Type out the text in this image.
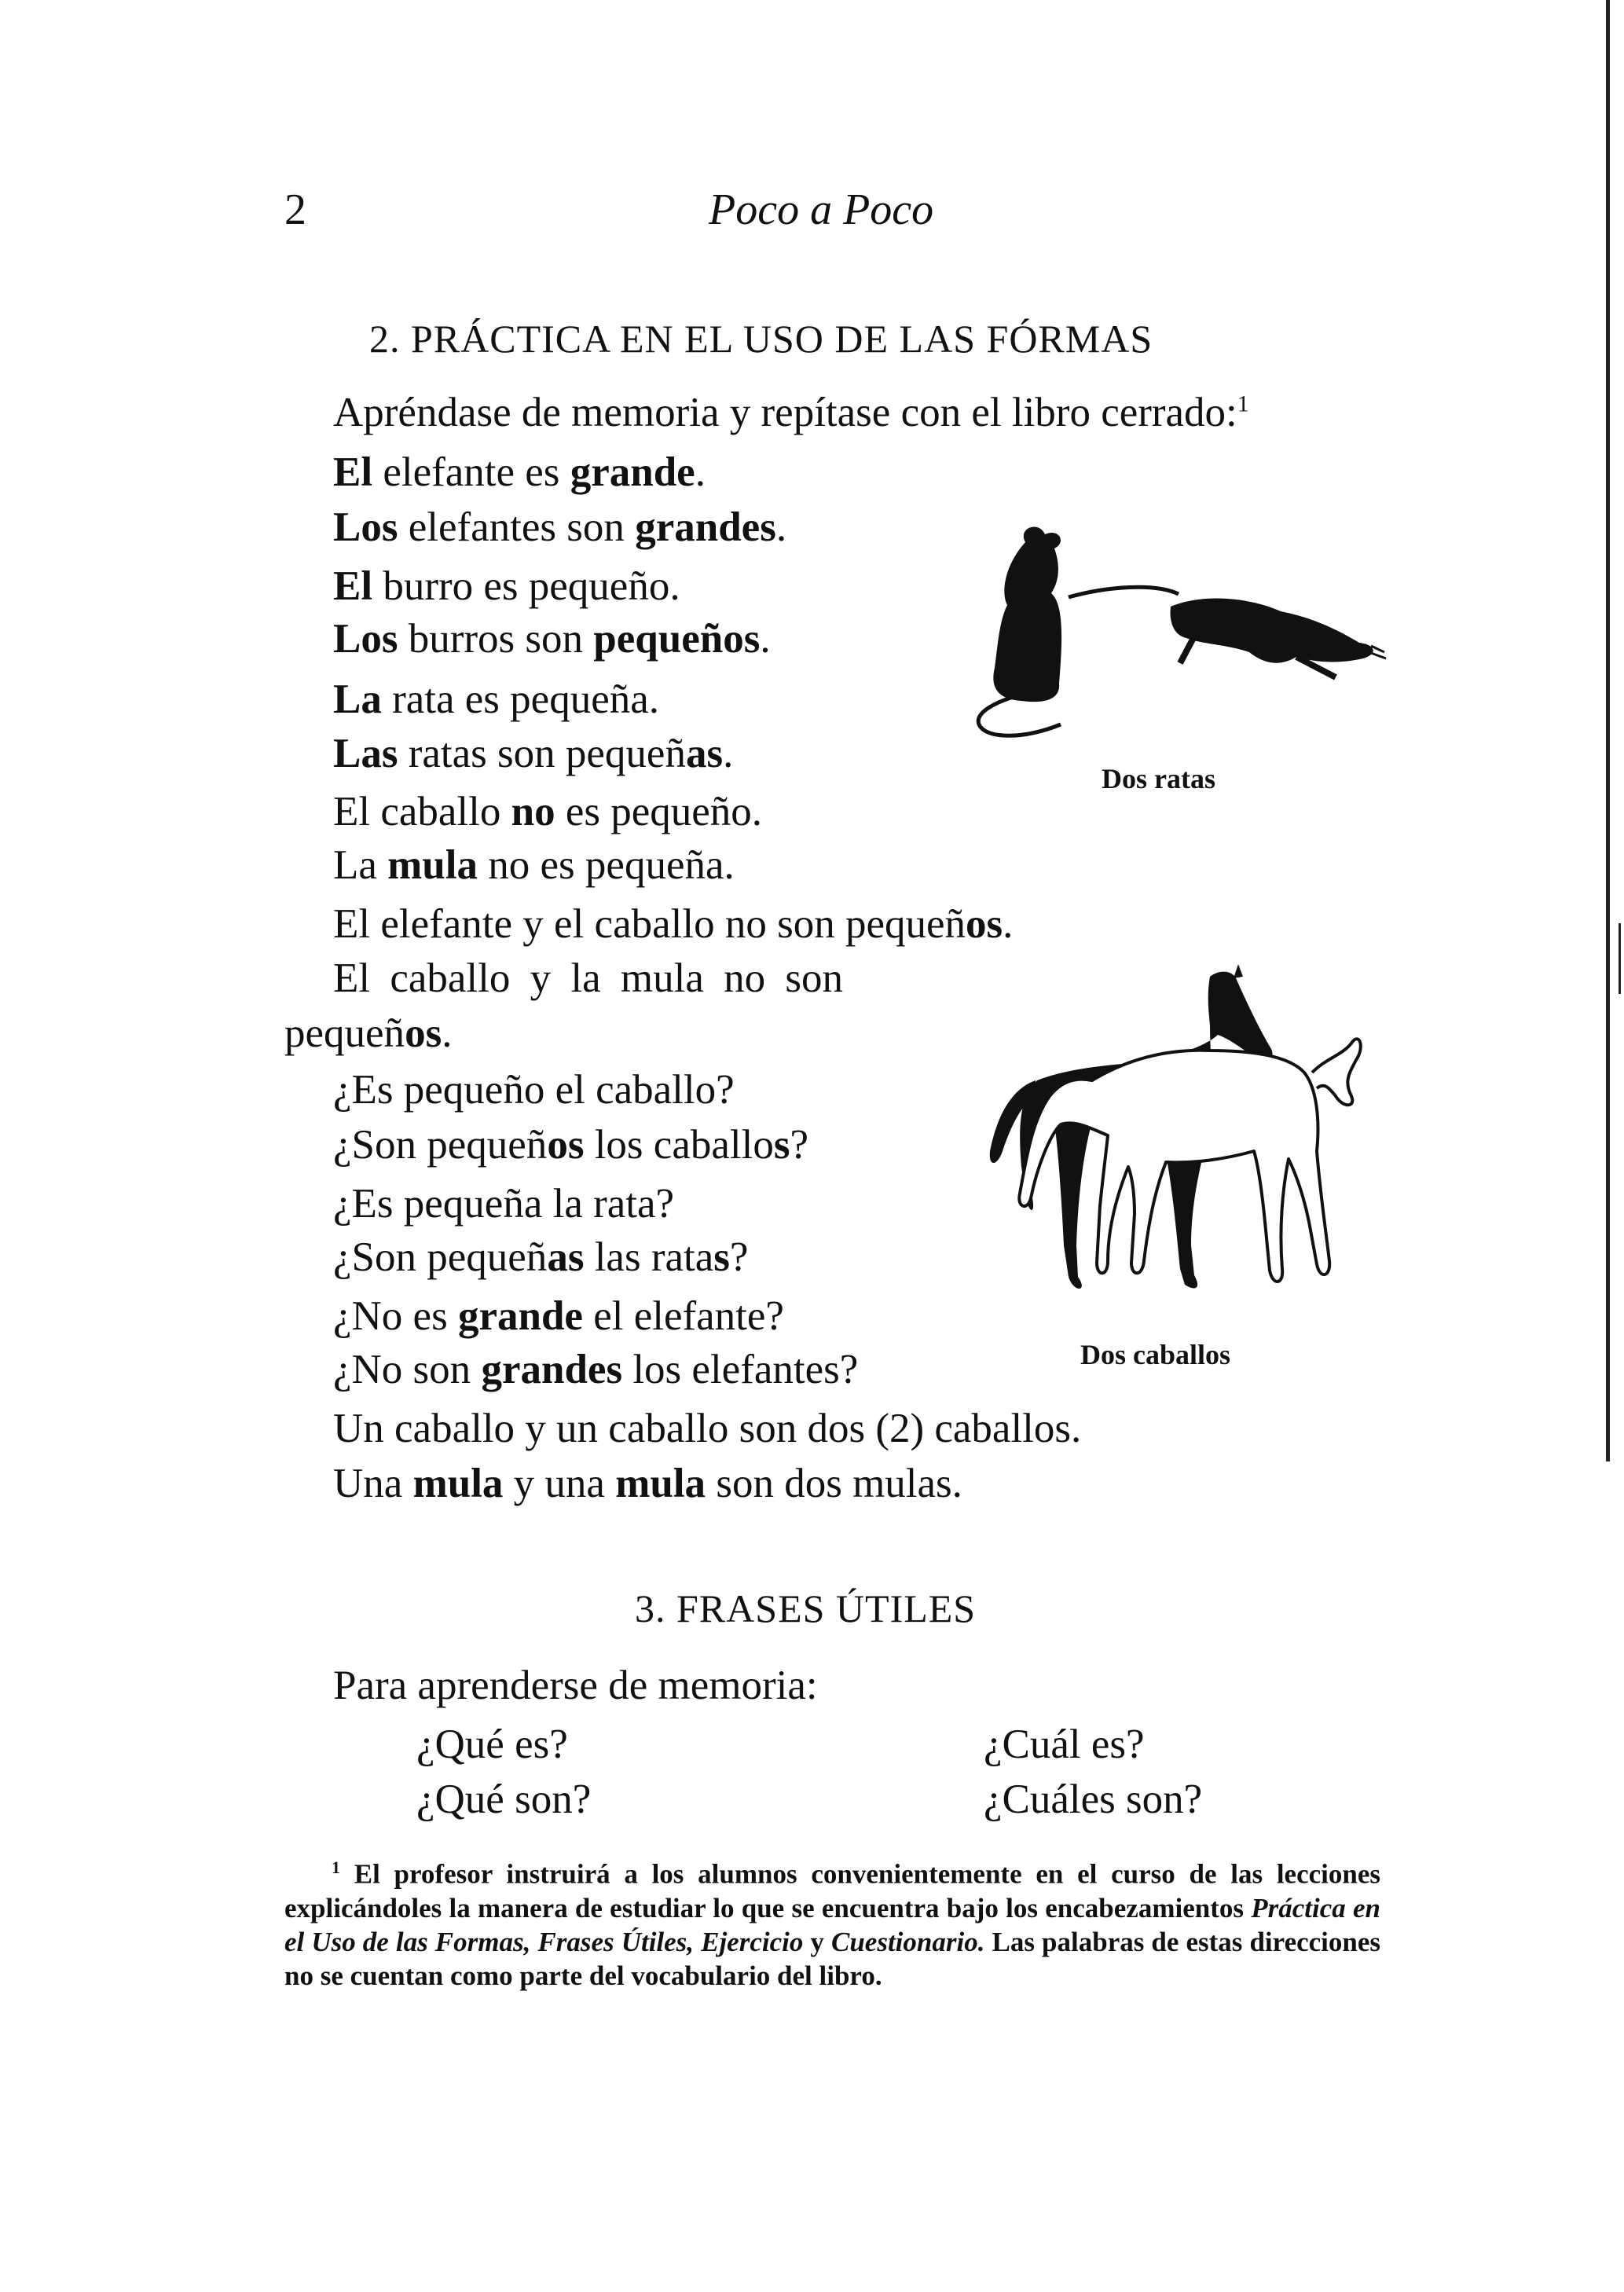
2	Poco a Poco
2. PRÁCTICA EN EL USO DE LAS FÓRMAS
Apréndase de memoria y repítase con el libro cerrado:$^1$
El elefante es grande.
Los elefantes son grandes.
El burro es pequeño.
Los burros son pequeños.
La rata es pequeña.
Las ratas son pequeñas.
El caballo no es pequeño.
La mula no es pequeña.
El elefante y el caballo no son pequeños.
El caballo y la mula no son
pequeños.
¿Es pequeño el caballo?
¿Son pequeños los caballos?
¿Es pequeña la rata?
¿Son pequeñas las ratas?
¿No es grande el elefante?
¿No son grandes los elefantes?
Un caballo y un caballo son dos (2) caballos.
Una mula y una mula son dos mulas.
Dos ratas
Dos caballos
3. FRASES ÚTILES
Para aprenderse de memoria:
¿Qué es?
¿Qué son?
¿Cuál es?
¿Cuáles son?
$^1$ El profesor instruirá a los alumnos convenientemente en el curso de las lecciones explicándoles la manera de estudiar lo que se encuentra bajo los encabezamientos Práctica en el Uso de las Formas, Frases Útiles, Ejercicio y Cuestionario. Las palabras de estas direcciones no se cuentan como parte del vocabulario del libro.
